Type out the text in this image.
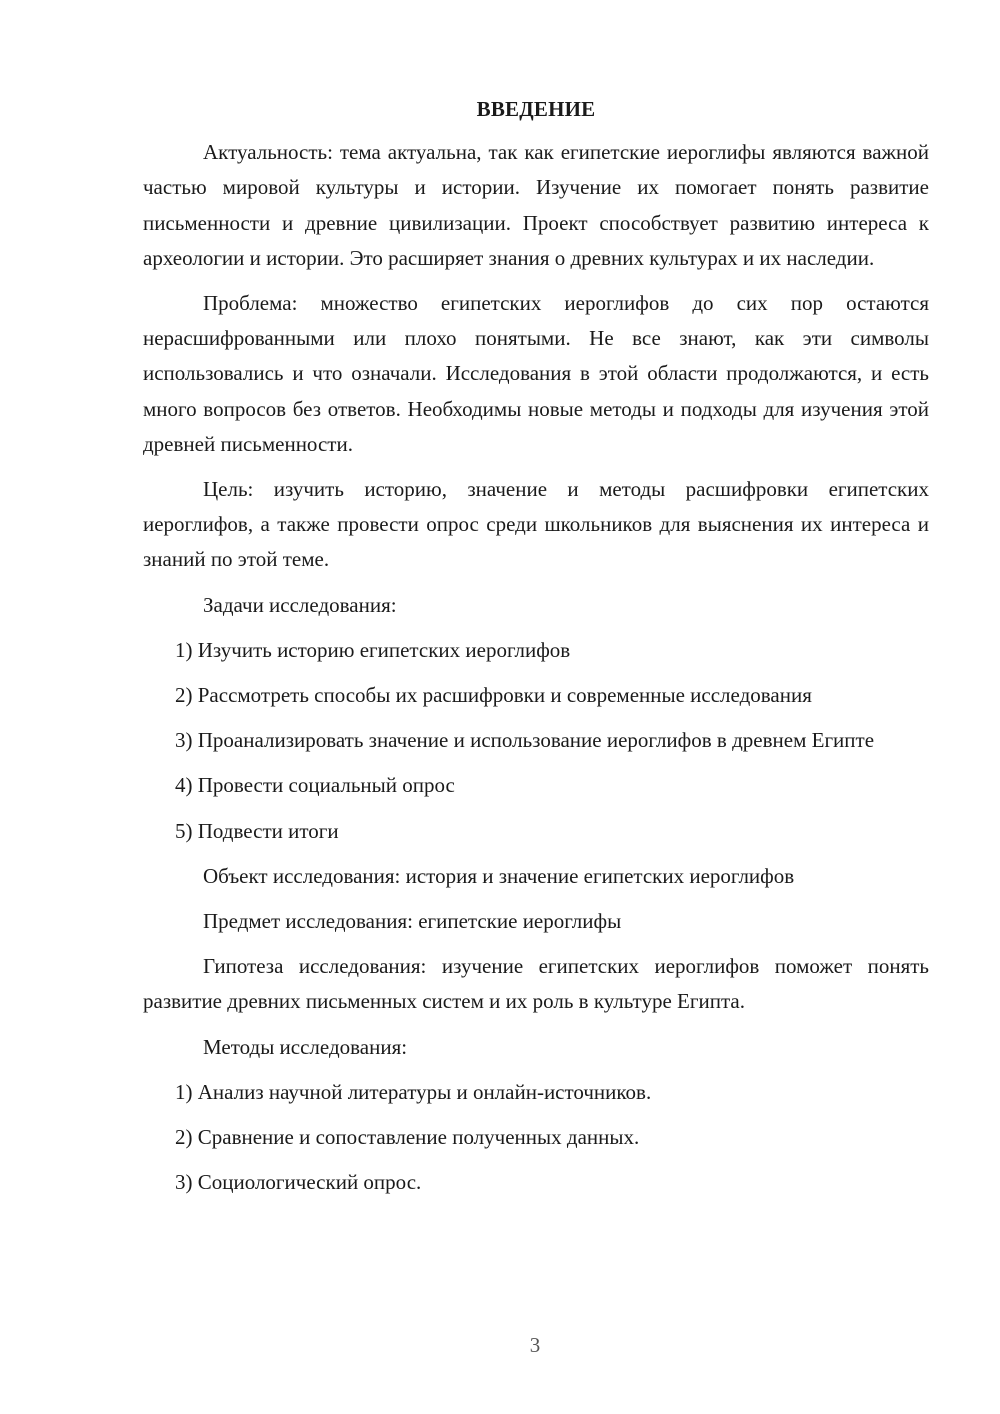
ВВЕДЕНИЕ

Актуальность: тема актуальна, так как египетские иероглифы являются важной частью мировой культуры и истории. Изучение их помогает понять развитие письменности и древние цивилизации. Проект способствует развитию интереса к археологии и истории. Это расширяет знания о древних культурах и их наследии.

Проблема: множество египетских иероглифов до сих пор остаются нерасшифрованными или плохо понятыми. Не все знают, как эти символы использовались и что означали. Исследования в этой области продолжаются, и есть много вопросов без ответов. Необходимы новые методы и подходы для изучения этой древней письменности.

Цель: изучить историю, значение и методы расшифровки египетских иероглифов, а также провести опрос среди школьников для выяснения их интереса и знаний по этой теме.

Задачи исследования:

1) Изучить историю египетских иероглифов

2) Рассмотреть способы их расшифровки и современные исследования

3) Проанализировать значение и использование иероглифов в древнем Египте

4) Провести социальный опрос

5) Подвести итоги

Объект исследования: история и значение египетских иероглифов

Предмет исследования: египетские иероглифы

Гипотеза исследования: изучение египетских иероглифов поможет понять развитие древних письменных систем и их роль в культуре Египта.

Методы исследования:

1) Анализ научной литературы и онлайн-источников.

2) Сравнение и сопоставление полученных данных.

3) Социологический опрос.

3
